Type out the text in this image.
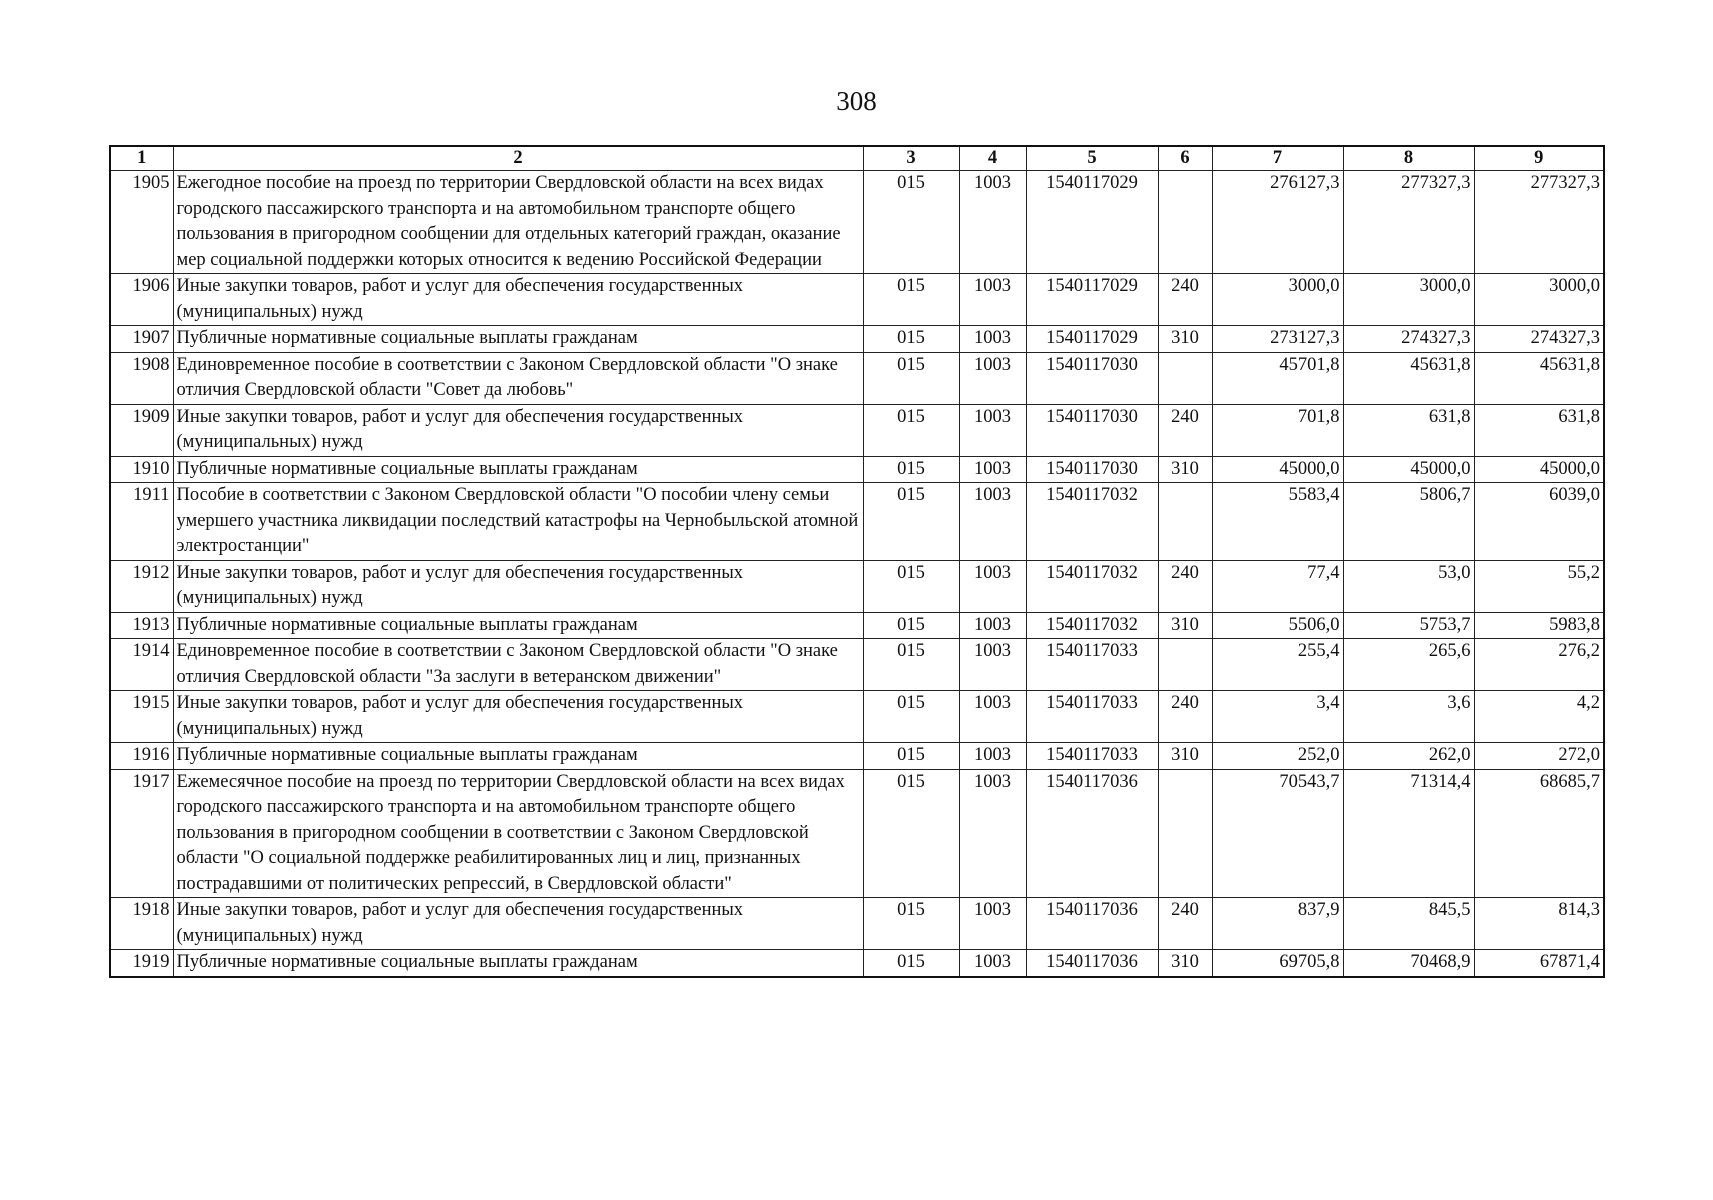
308
1	2	3	4	5	6	7	8	9
1905	Ежегодное пособие на проезд по территории Свердловской области на всех видах городского пассажирского транспорта и на автомобильном транспорте общего пользования в пригородном сообщении для отдельных категорий граждан, оказание мер социальной поддержки которых относится к ведению Российской Федерации	015	1003	1540117029		276127,3	277327,3	277327,3
1906	Иные закупки товаров, работ и услуг для обеспечения государственных (муниципальных) нужд	015	1003	1540117029	240	3000,0	3000,0	3000,0
1907	Публичные нормативные социальные выплаты гражданам	015	1003	1540117029	310	273127,3	274327,3	274327,3
1908	Единовременное пособие в соответствии с Законом Свердловской области "О знаке отличия Свердловской области "Совет да любовь"	015	1003	1540117030		45701,8	45631,8	45631,8
1909	Иные закупки товаров, работ и услуг для обеспечения государственных (муниципальных) нужд	015	1003	1540117030	240	701,8	631,8	631,8
1910	Публичные нормативные социальные выплаты гражданам	015	1003	1540117030	310	45000,0	45000,0	45000,0
1911	Пособие в соответствии с Законом Свердловской области "О пособии члену семьи умершего участника ликвидации последствий катастрофы на Чернобыльской атомной электростанции"	015	1003	1540117032		5583,4	5806,7	6039,0
1912	Иные закупки товаров, работ и услуг для обеспечения государственных (муниципальных) нужд	015	1003	1540117032	240	77,4	53,0	55,2
1913	Публичные нормативные социальные выплаты гражданам	015	1003	1540117032	310	5506,0	5753,7	5983,8
1914	Единовременное пособие в соответствии с Законом Свердловской области "О знаке отличия Свердловской области "За заслуги в ветеранском движении"	015	1003	1540117033		255,4	265,6	276,2
1915	Иные закупки товаров, работ и услуг для обеспечения государственных (муниципальных) нужд	015	1003	1540117033	240	3,4	3,6	4,2
1916	Публичные нормативные социальные выплаты гражданам	015	1003	1540117033	310	252,0	262,0	272,0
1917	Ежемесячное пособие на проезд по территории Свердловской области на всех видах городского пассажирского транспорта и на автомобильном транспорте общего пользования в пригородном сообщении в соответствии с Законом Свердловской области "О социальной поддержке реабилитированных лиц и лиц, признанных пострадавшими от политических репрессий, в Свердловской области"	015	1003	1540117036		70543,7	71314,4	68685,7
1918	Иные закупки товаров, работ и услуг для обеспечения государственных (муниципальных) нужд	015	1003	1540117036	240	837,9	845,5	814,3
1919	Публичные нормативные социальные выплаты гражданам	015	1003	1540117036	310	69705,8	70468,9	67871,4
